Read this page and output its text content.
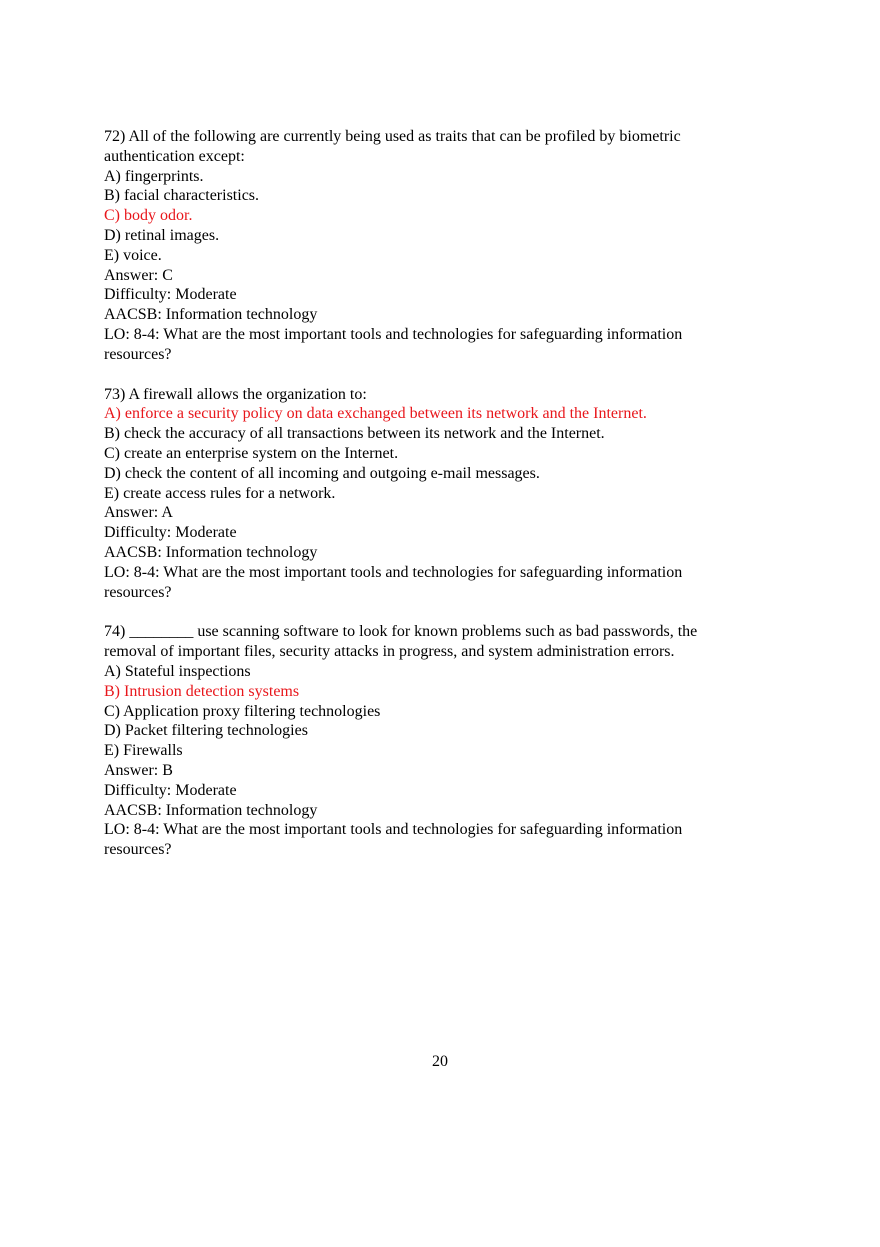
72) All of the following are currently being used as traits that can be profiled by biometric
authentication except:
A) fingerprints.
B) facial characteristics.
C) body odor.
D) retinal images.
E) voice.
Answer: C
Difficulty: Moderate
AACSB: Information technology
LO: 8-4: What are the most important tools and technologies for safeguarding information
resources?
73) A firewall allows the organization to:
A) enforce a security policy on data exchanged between its network and the Internet.
B) check the accuracy of all transactions between its network and the Internet.
C) create an enterprise system on the Internet.
D) check the content of all incoming and outgoing e-mail messages.
E) create access rules for a network.
Answer: A
Difficulty: Moderate
AACSB: Information technology
LO: 8-4: What are the most important tools and technologies for safeguarding information
resources?
74) ________ use scanning software to look for known problems such as bad passwords, the
removal of important files, security attacks in progress, and system administration errors.
A) Stateful inspections
B) Intrusion detection systems
C) Application proxy filtering technologies
D) Packet filtering technologies
E) Firewalls
Answer: B
Difficulty: Moderate
AACSB: Information technology
LO: 8-4: What are the most important tools and technologies for safeguarding information
resources?
20
